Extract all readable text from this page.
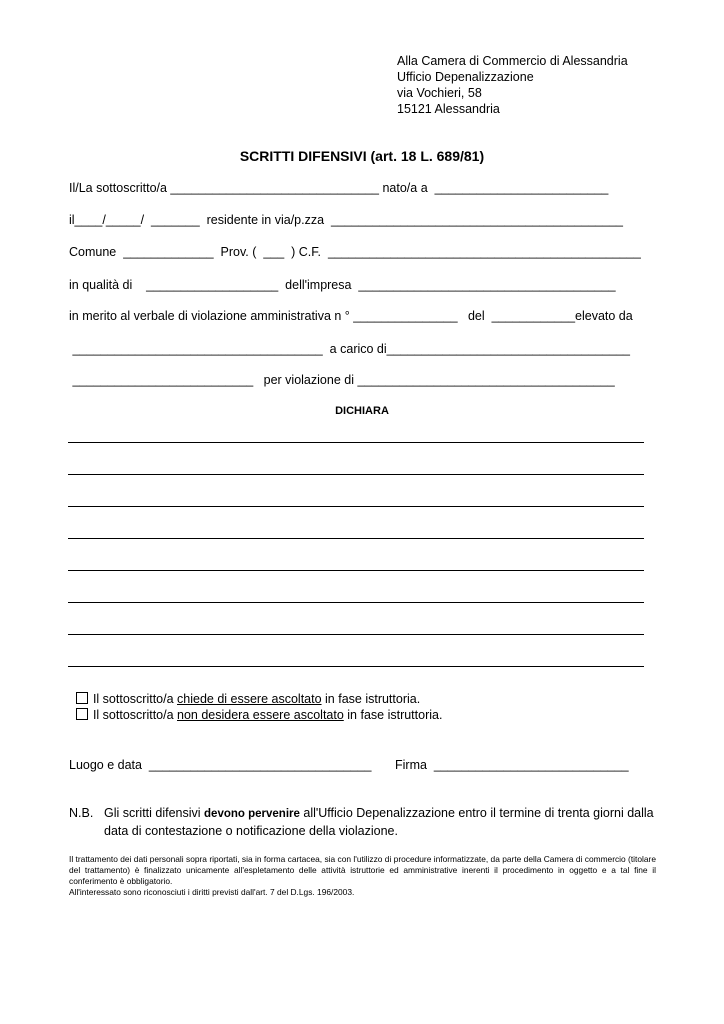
Alla Camera di Commercio di Alessandria
Ufficio Depenalizzazione
via Vochieri, 58
15121 Alessandria
SCRITTI DIFENSIVI (art. 18 L. 689/81)
Il/La sottoscritto/a ______________________________ nato/a a  _________________________
il____/_____/  _______  residente in via/p.zza  __________________________________________
Comune  _____________  Prov. (  ___  ) C.F.  _____________________________________________
in qualità di    ___________________  dell'impresa  _____________________________________
in merito al verbale di violazione amministrativa n ° _______________   del  ____________elevato da
____________________________________  a carico di___________________________________
__________________________   per violazione di _____________________________________
DICHIARA

Il sottoscritto/a chiede di essere ascoltato in fase istruttoria.

Il sottoscritto/a non desidera essere ascoltato in fase istruttoria.

Luogo e data  ________________________________ Firma  ____________________________
N.B. Gli scritti difensivi devono pervenire all'Ufficio Depenalizzazione entro il termine di trenta giorni dalla data di contestazione o notificazione della violazione.

Il trattamento dei dati personali sopra riportati, sia in forma cartacea, sia con l'utilizzo di procedure informatizzate, da parte della Camera di commercio (titolare del trattamento) è finalizzato unicamente all'espletamento delle attività istruttorie ed amministrative inerenti il procedimento in oggetto e a tal fine il conferimento è obbligatorio.

All'interessato sono riconosciuti i diritti previsti dall'art. 7 del D.Lgs. 196/2003.
